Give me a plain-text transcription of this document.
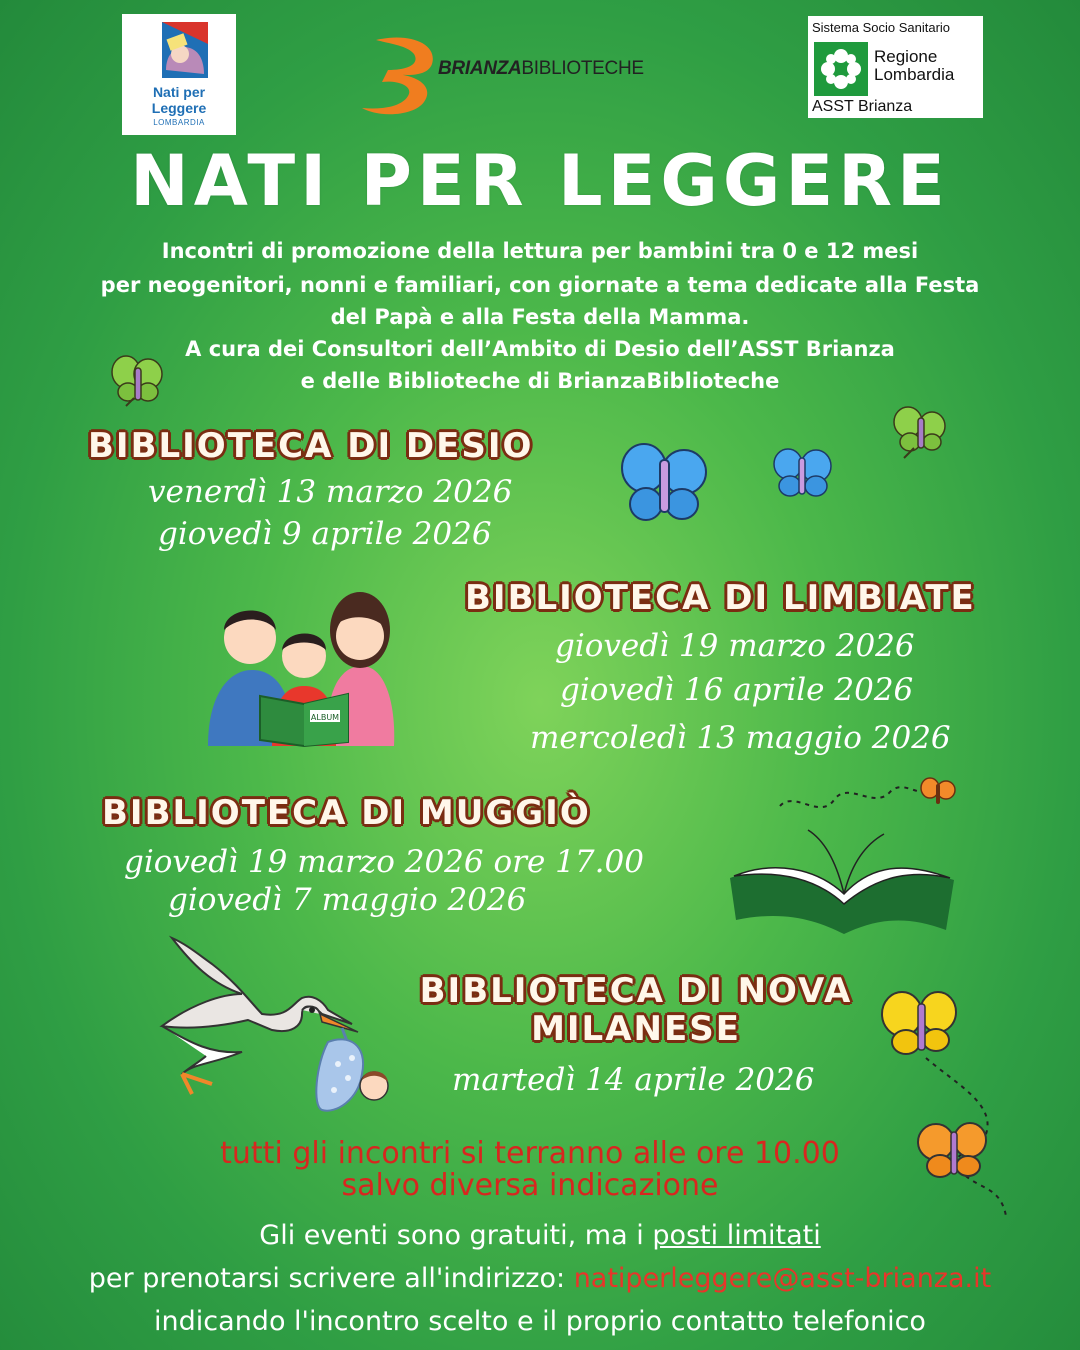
Nati per
Leggere
LOMBARDIA
BRIANZABIBLIOTECHE
Sistema Socio Sanitario
Regione
Lombardia
ASST Brianza
NATI PER LEGGERE
Incontri di promozione della lettura per bambini tra 0 e 12 mesi
per neogenitori, nonni e familiari, con giornate a tema dedicate alla Festa
del Papà e alla Festa della Mamma.
A cura dei Consultori dell’Ambito di Desio dell’ASST Brianza
e delle Biblioteche di BrianzaBiblioteche
BIBLIOTECA DI DESIO
venerdì 13 marzo 2026
giovedì 9 aprile 2026
BIBLIOTECA DI LIMBIATE
giovedì 19 marzo 2026
giovedì 16 aprile 2026
mercoledì 13 maggio 2026
BIBLIOTECA DI MUGGIÒ
giovedì 19 marzo 2026 ore 17.00
giovedì 7 maggio 2026
BIBLIOTECA DI NOVA
MILANESE
martedì 14 aprile 2026
ALBUM
tutti gli incontri si terranno alle ore 10.00
salvo diversa indicazione
Gli eventi sono gratuiti, ma i posti limitati
per prenotarsi scrivere all'indirizzo: natiperleggere@asst-brianza.it
indicando l'incontro scelto e il proprio contatto telefonico
